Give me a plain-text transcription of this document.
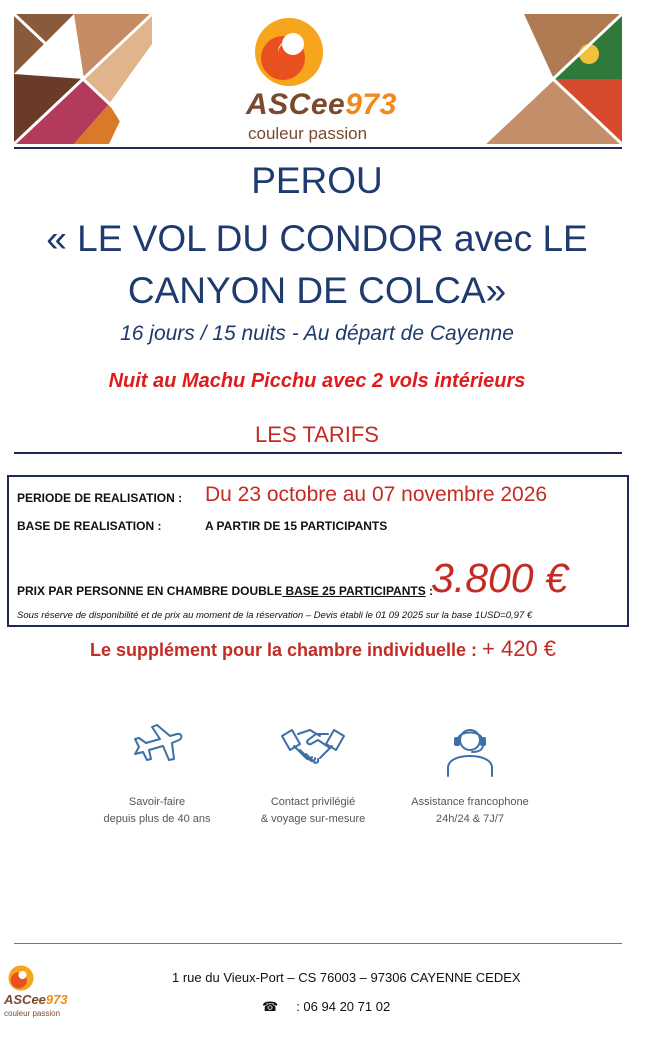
ASCee973
couleur passion
PEROU
« LE VOL DU CONDOR avec LE
CANYON DE COLCA»
16 jours / 15 nuits - Au départ de Cayenne
Nuit au Machu Picchu avec 2 vols intérieurs
LES TARIFS
PERIODE DE REALISATION : Du 23 octobre au 07 novembre 2026
BASE DE REALISATION :	A PARTIR DE 15 PARTICIPANTS
PRIX PAR PERSONNE EN CHAMBRE DOUBLE BASE 25 PARTICIPANTS :
3.800 €
Sous réserve de disponibilité et de prix au moment de la réservation – Devis établi le 01 09 2025 sur la base 1USD=0,97 €
Le supplément pour la chambre individuelle : + 420 €
Savoir-faire
depuis plus de 40 ans
Contact privilégié
& voyage sur-mesure
Assistance francophone
24h/24 & 7J/7
ASCee973
couleur passion
1 rue du Vieux-Port – CS 76003 – 97306 CAYENNE CEDEX
☎ : 06 94 20 71 02
